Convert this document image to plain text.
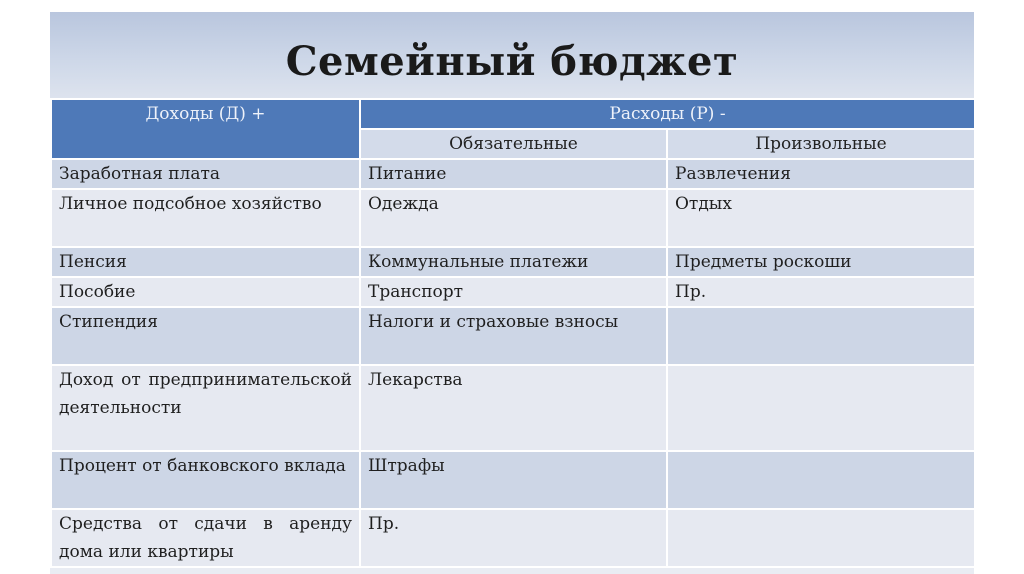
Семейный бюджет
Доходы (Д) +	Расходы (Р) -	
	Обязательные	Произвольные
Заработная плата	Питание	Развлечения
Личное подсобное хозяйство	Одежда	Отдых
Пенсия	Коммунальные платежи	Предметы роскоши
Пособие	Транспорт	Пр.
Стипендия	Налоги и страховые взносы	
Доход от предпринимательской деятельности	Лекарства	
Процент от банковского вклада	Штрафы	
Средства от сдачи в аренду дома или квартиры	Пр.	
